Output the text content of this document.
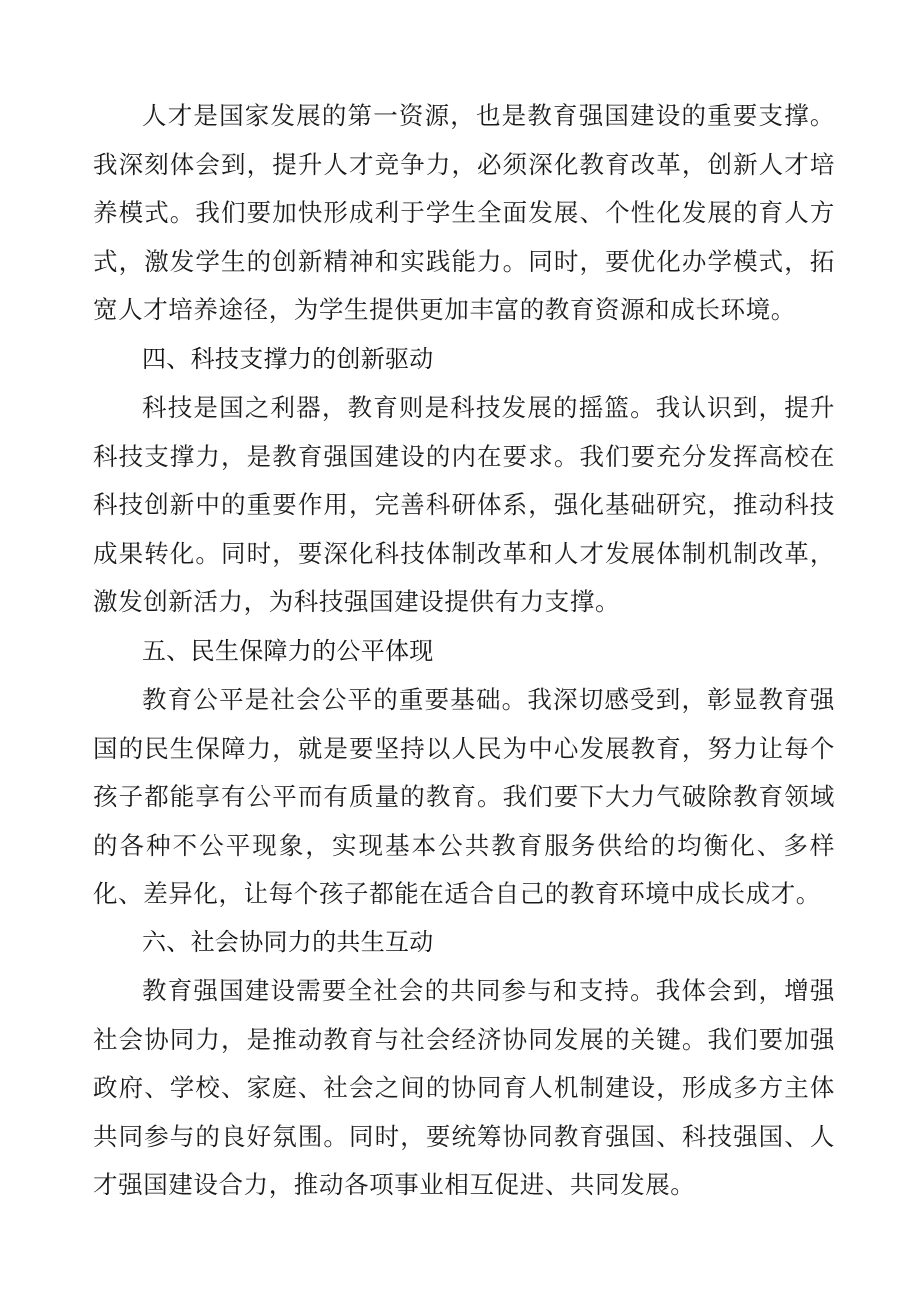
人才是国家发展的第一资源，也是教育强国建设的重要支撑。我深刻体会到，提升人才竞争力，必须深化教育改革，创新人才培养模式。我们要加快形成利于学生全面发展、个性化发展的育人方式，激发学生的创新精神和实践能力。同时，要优化办学模式，拓宽人才培养途径，为学生提供更加丰富的教育资源和成长环境。

四、科技支撑力的创新驱动

科技是国之利器，教育则是科技发展的摇篮。我认识到，提升科技支撑力，是教育强国建设的内在要求。我们要充分发挥高校在科技创新中的重要作用，完善科研体系，强化基础研究，推动科技成果转化。同时，要深化科技体制改革和人才发展体制机制改革，激发创新活力，为科技强国建设提供有力支撑。

五、民生保障力的公平体现

教育公平是社会公平的重要基础。我深切感受到，彰显教育强国的民生保障力，就是要坚持以人民为中心发展教育，努力让每个孩子都能享有公平而有质量的教育。我们要下大力气破除教育领域的各种不公平现象，实现基本公共教育服务供给的均衡化、多样化、差异化，让每个孩子都能在适合自己的教育环境中成长成才。

六、社会协同力的共生互动

教育强国建设需要全社会的共同参与和支持。我体会到，增强社会协同力，是推动教育与社会经济协同发展的关键。我们要加强政府、学校、家庭、社会之间的协同育人机制建设，形成多方主体共同参与的良好氛围。同时，要统筹协同教育强国、科技强国、人才强国建设合力，推动各项事业相互促进、共同发展。
